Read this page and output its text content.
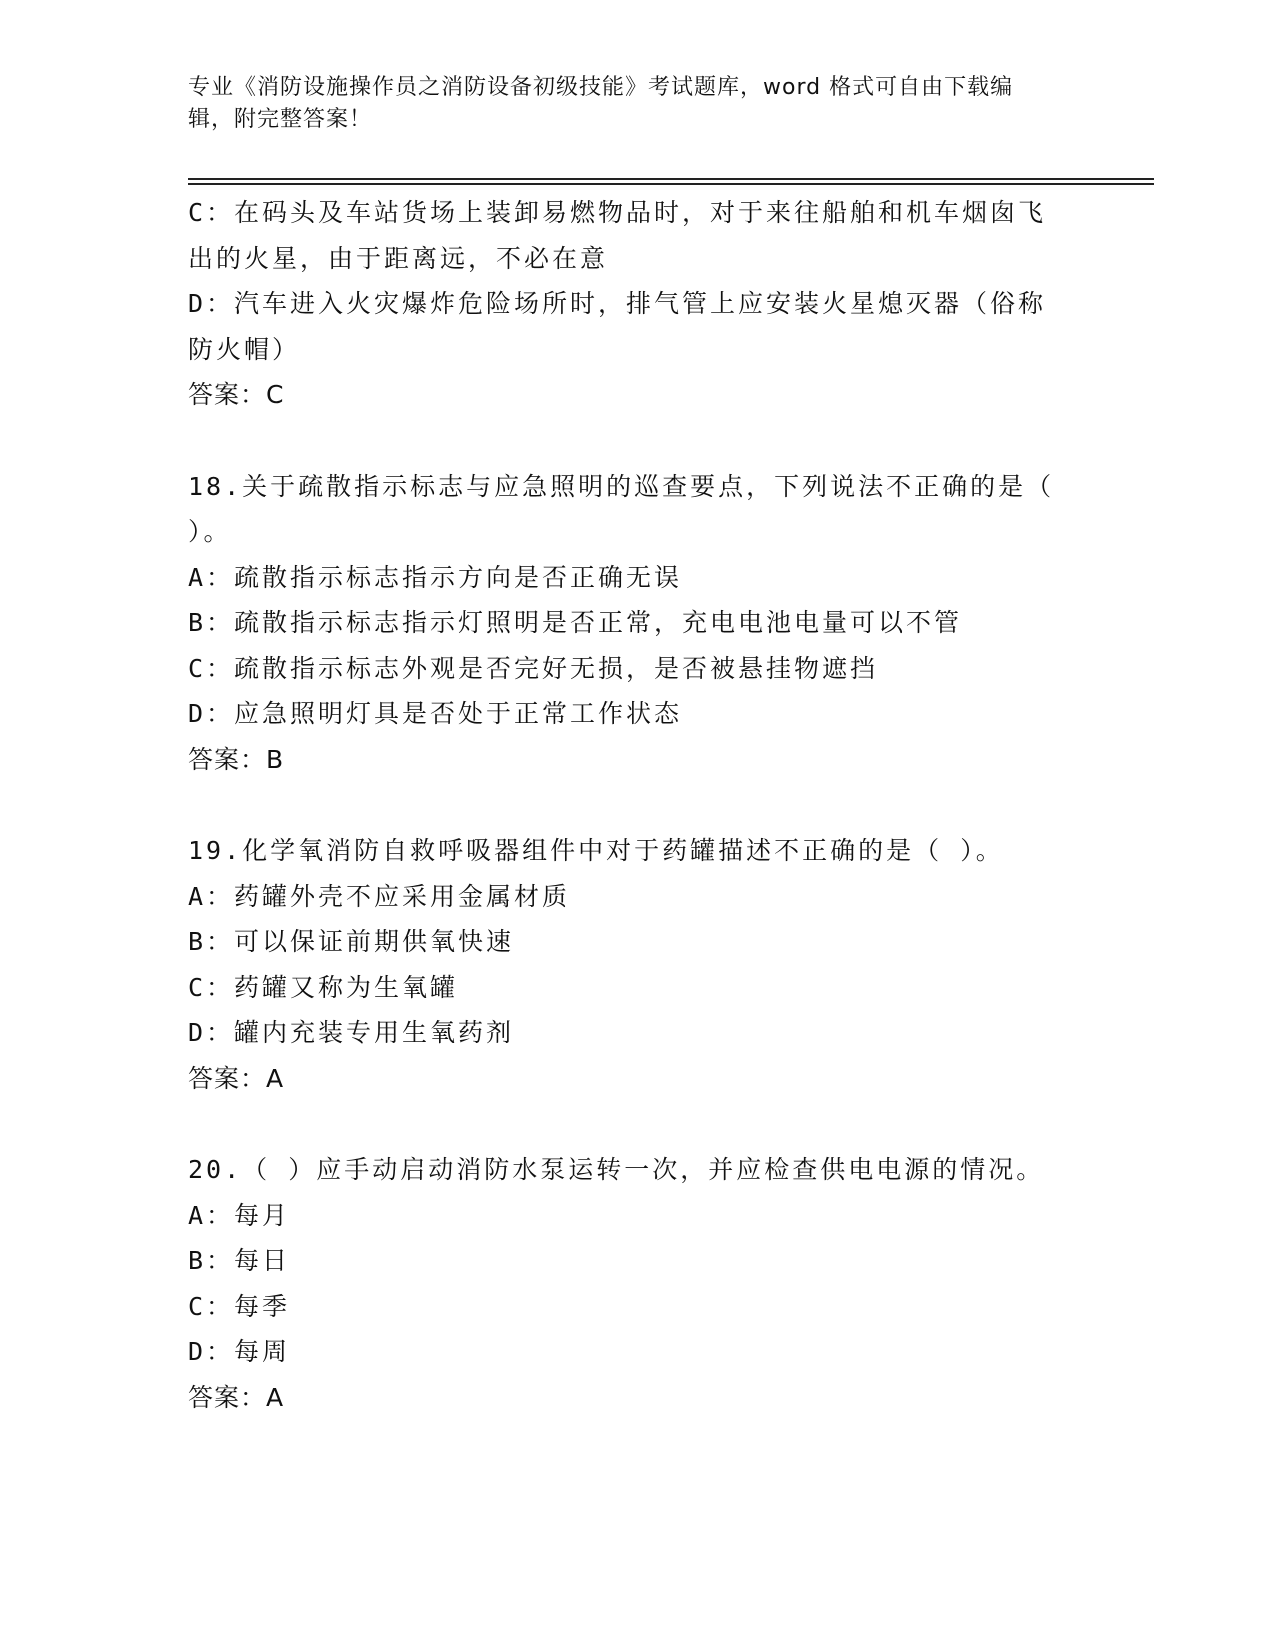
专业《消防设施操作员之消防设备初级技能》考试题库，word 格式可自由下载编
辑，附完整答案！
C：在码头及车站货场上装卸易燃物品时，对于来往船舶和机车烟囱飞
出的火星，由于距离远，不必在意
D：汽车进入火灾爆炸危险场所时，排气管上应安装火星熄灭器（俗称
防火帽）
答案：C
18.关于疏散指示标志与应急照明的巡查要点，下列说法不正确的是（
）。
A：疏散指示标志指示方向是否正确无误
B：疏散指示标志指示灯照明是否正常，充电电池电量可以不管
C：疏散指示标志外观是否完好无损，是否被悬挂物遮挡
D：应急照明灯具是否处于正常工作状态
答案：B
19.化学氧消防自救呼吸器组件中对于药罐描述不正确的是（ ）。
A：药罐外壳不应采用金属材质
B：可以保证前期供氧快速
C：药罐又称为生氧罐
D：罐内充装专用生氧药剂
答案：A
20.（ ）应手动启动消防水泵运转一次，并应检查供电电源的情况。
A：每月
B：每日
C：每季
D：每周
答案：A
